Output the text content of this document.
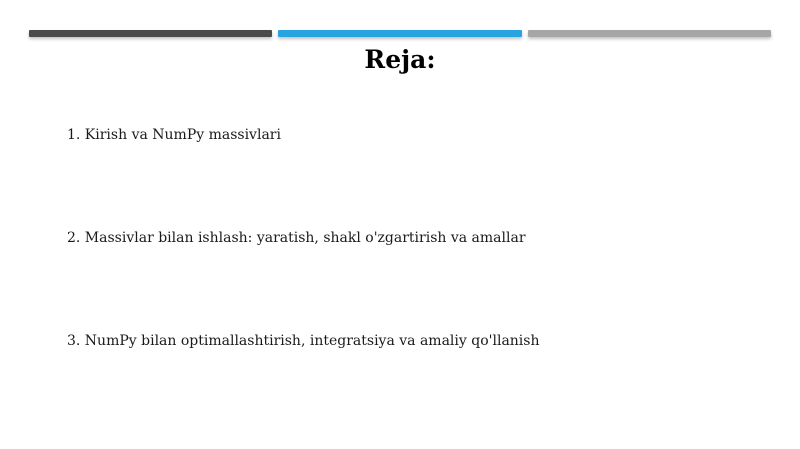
Reja:
1. Kirish va NumPy massivlari
2. Massivlar bilan ishlash: yaratish, shakl o'zgartirish va amallar
3. NumPy bilan optimallashtirish, integratsiya va amaliy qo'llanish
